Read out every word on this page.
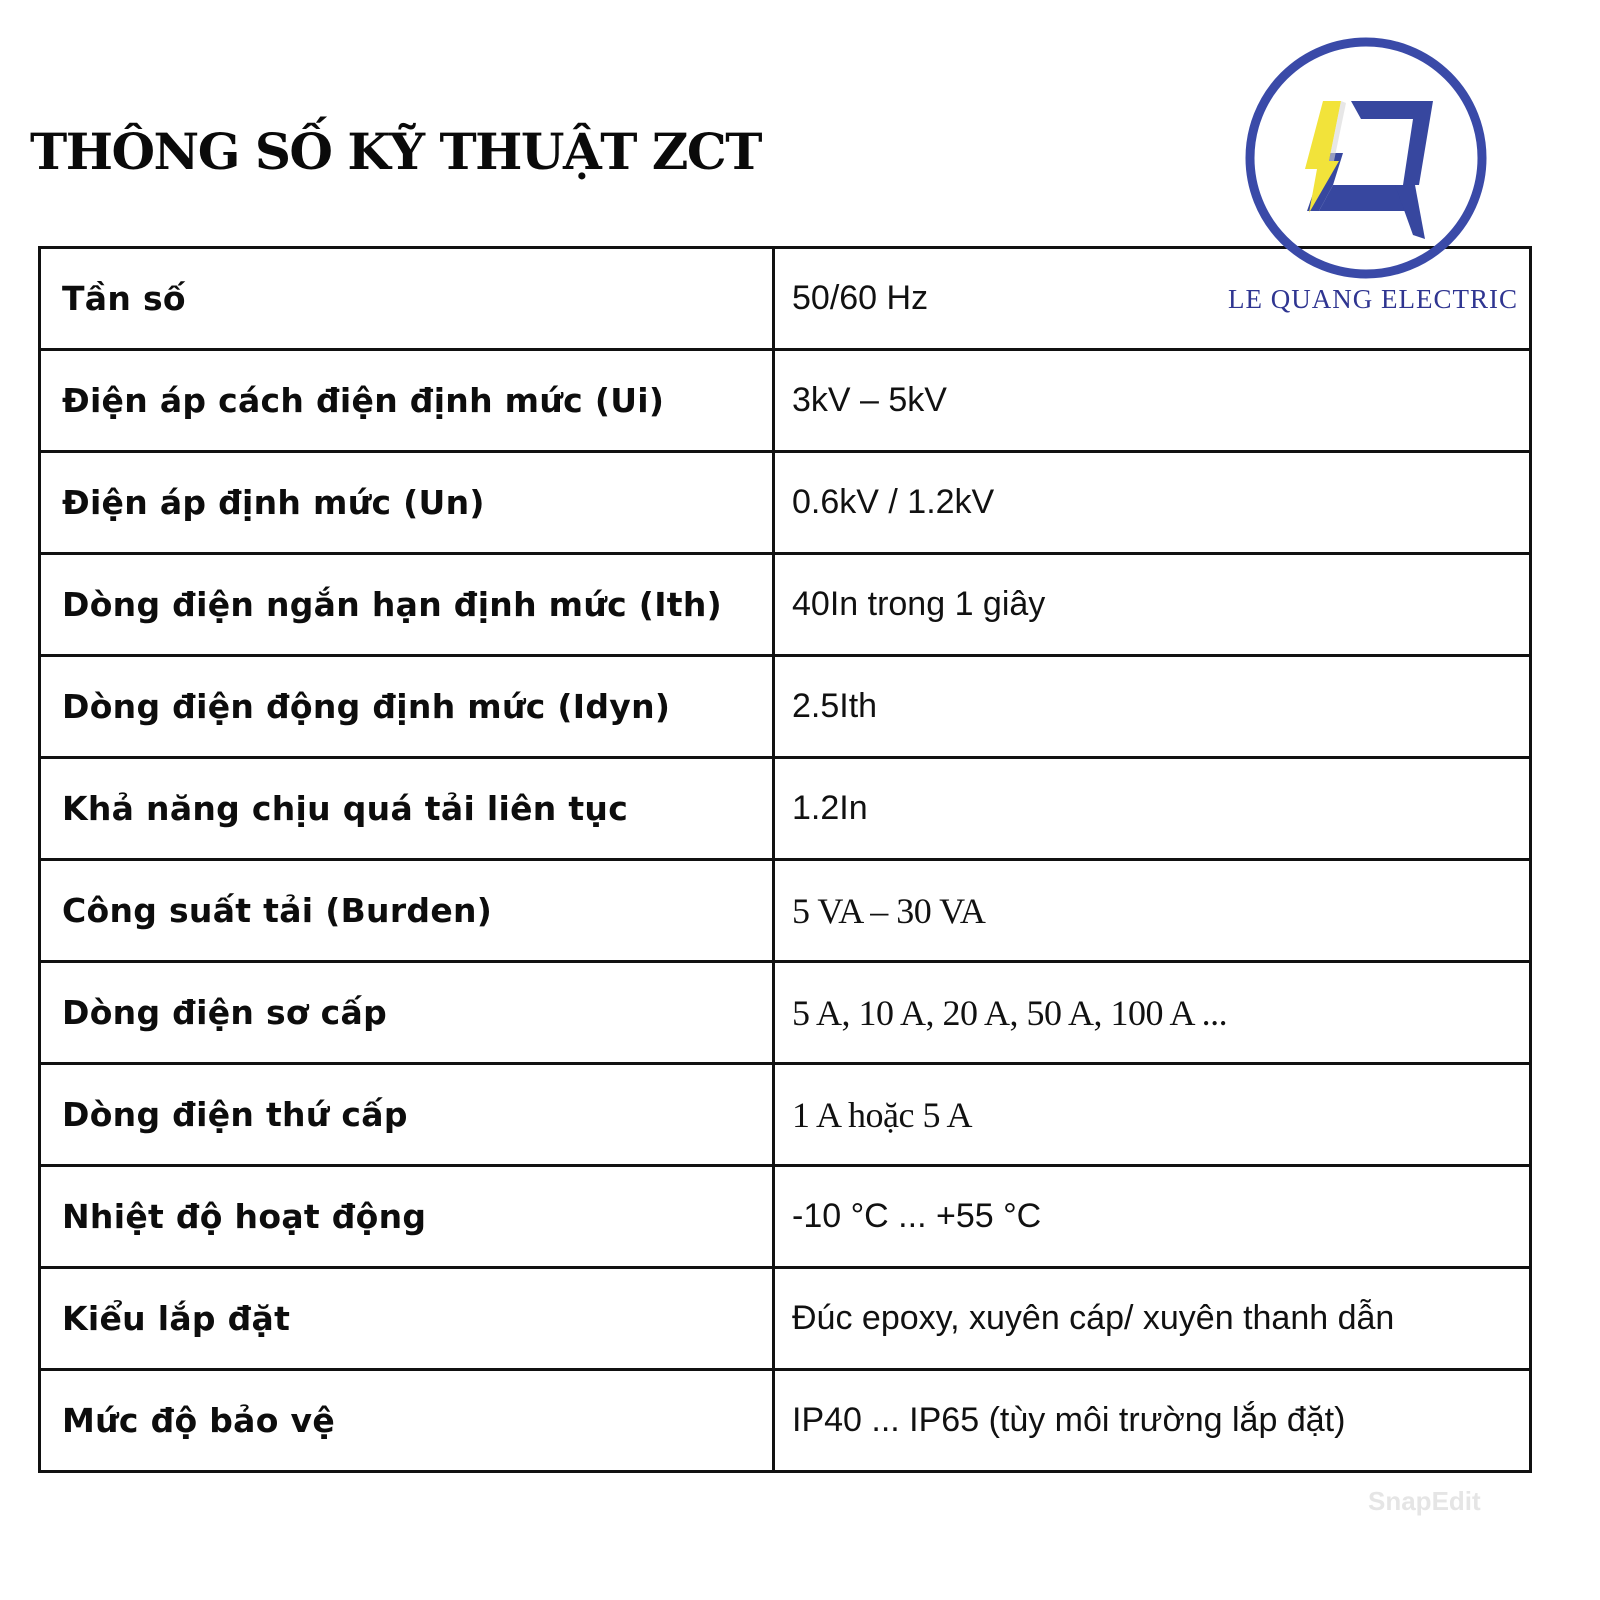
THÔNG SỐ KỸ THUẬT ZCT
Tần số	50/60 Hz
Điện áp cách điện định mức (Ui)	3kV – 5kV
Điện áp định mức (Un)	0.6kV / 1.2kV
Dòng điện ngắn hạn định mức (Ith)	40In trong 1 giây
Dòng điện động định mức (Idyn)	2.5Ith
Khả năng chịu quá tải liên tục	1.2In
Công suất tải (Burden)	5 VA – 30 VA
Dòng điện sơ cấp	5 A, 10 A, 20 A, 50 A, 100 A ...
Dòng điện thứ cấp	1 A hoặc 5 A
Nhiệt độ hoạt động	-10 °C ... +55 °C
Kiểu lắp đặt	Đúc epoxy, xuyên cáp/ xuyên thanh dẫn
Mức độ bảo vệ	IP40 ... IP65 (tùy môi trường lắp đặt)
LE QUANG ELECTRIC
SnapEdit
